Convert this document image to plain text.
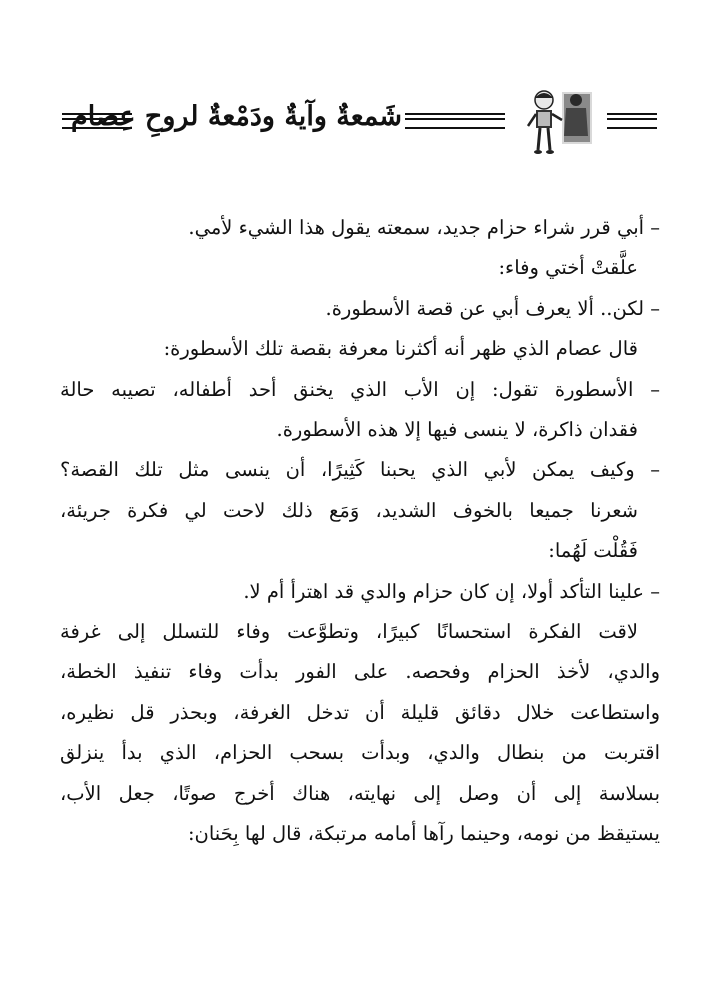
شَمعةٌ وآيةٌ ودَمْعةٌ لروحِ عِصام
– أبي قرر شراء حزام جديد، سمعته يقول هذا الشيء لأمي.
علَّقتْ أختي وفاء:
– لكن.. ألا يعرف أبي عن قصة الأسطورة.
قال عصام الذي ظهر أنه أكثرنا معرفة بقصة تلك الأسطورة:
– الأسطورة تقول: إن الأب الذي يخنق أحد أطفاله، تصيبه حالة
فقدان ذاكرة، لا ينسى فيها إلا هذه الأسطورة.
– وكيف يمكن لأبي الذي يحبنا كَثِيرًا، أن ينسى مثل تلك القصة؟
شعرنا جميعا بالخوف الشديد، وَمَع ذلك لاحت لي فكرة جريئة،
فَقُلْت لَهُما:
– علينا التأكد أولا، إن كان حزام والدي قد اهترأ أم لا.
لاقت الفكرة استحسانًا كبيرًا، وتطوَّعت وفاء للتسلل إلى غرفة
والدي، لأخذ الحزام وفحصه. على الفور بدأت وفاء تنفيذ الخطة،
واستطاعت خلال دقائق قليلة أن تدخل الغرفة، وبحذر قل نظيره،
اقتربت من بنطال والدي، وبدأت بسحب الحزام، الذي بدأ ينزلق
بسلاسة إلى أن وصل إلى نهايته، هناك أخرج صوتًا، جعل الأب،
يستيقظ من نومه، وحينما رآها أمامه مرتبكة، قال لها بِحَنان:
